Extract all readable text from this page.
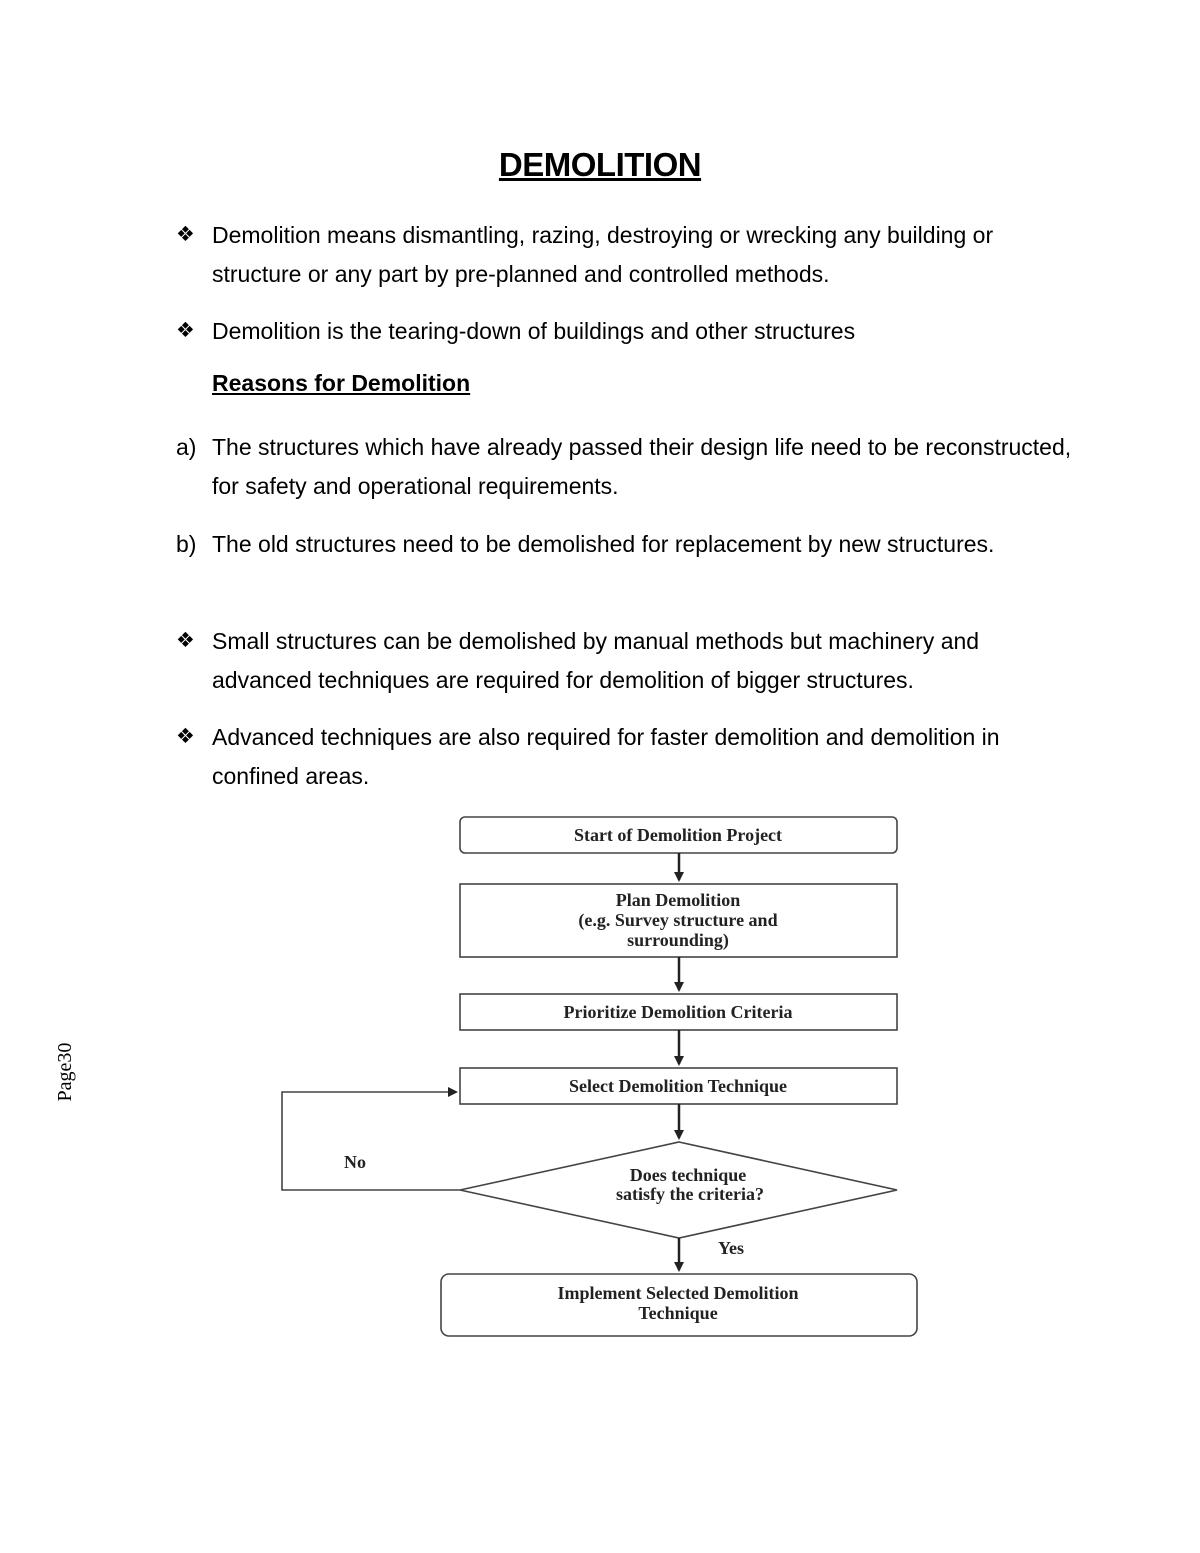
DEMOLITION
❖ Demolition means dismantling, razing, destroying or wrecking any building or structure or any part by pre-planned and controlled methods.
❖ Demolition is the tearing-down of buildings and other structures
Reasons for Demolition
a) The structures which have already passed their design life need to be reconstructed, for safety and operational requirements.
b) The old structures need to be demolished for replacement by new structures.
❖ Small structures can be demolished by manual methods but machinery and advanced techniques are required for demolition of bigger structures.
❖ Advanced techniques are also required for faster demolition and demolition in confined areas.
Start of Demolition Project
Plan Demolition
(e.g. Survey structure and
surrounding)
Prioritize Demolition Criteria
Select Demolition Technique
Does technique
satisfy the criteria?
No
Yes
Implement Selected Demolition
Technique
Page30
